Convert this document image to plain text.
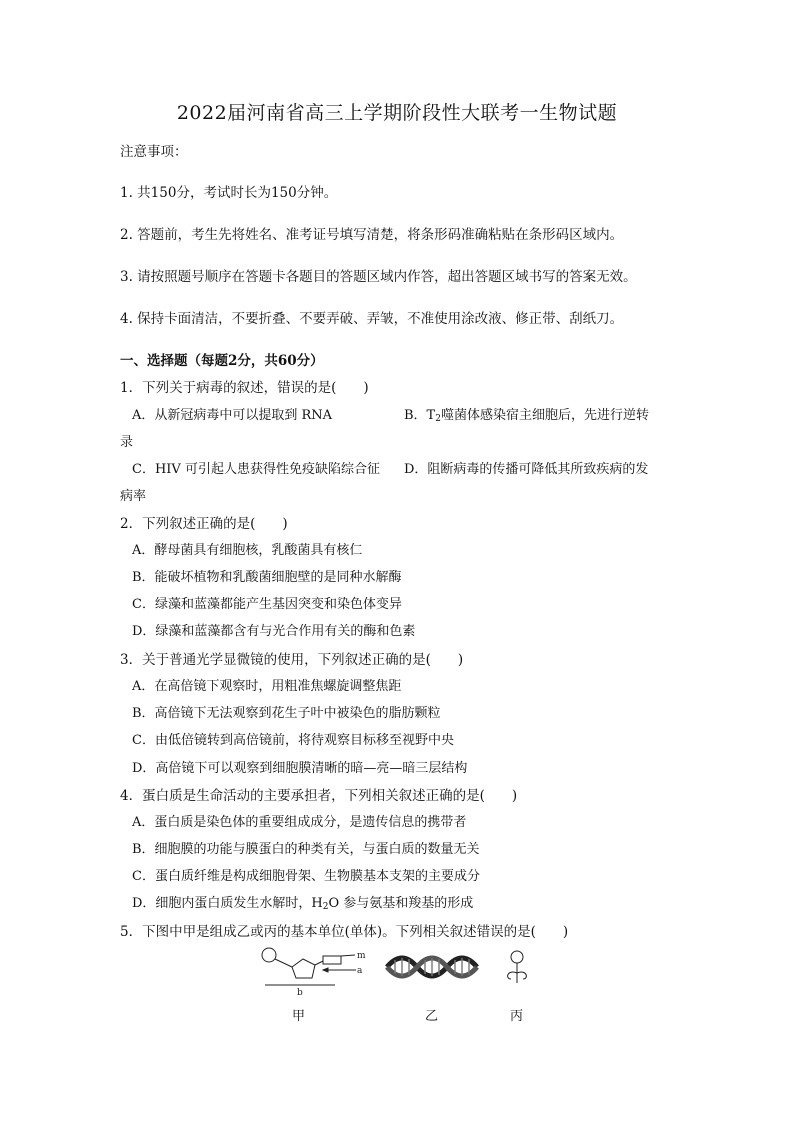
2022届河南省高三上学期阶段性大联考一生物试题
注意事项：
1. 共150分，考试时长为150分钟。
2. 答题前，考生先将姓名、准考证号填写清楚，将条形码准确粘贴在条形码区域内。
3. 请按照题号顺序在答题卡各题目的答题区域内作答，超出答题区域书写的答案无效。
4. 保持卡面清洁，不要折叠、不要弄破、弄皱，不准使用涂改液、修正带、刮纸刀。
一、选择题（每题2分，共60分）
1．下列关于病毒的叙述，错误的是(　　)
A．从新冠病毒中可以提取到 RNA	B．$T_2$噬菌体感染宿主细胞后，先进行逆转
录
C．HIV 可引起人患获得性免疫缺陷综合征 D．阻断病毒的传播可降低其所致疾病的发
病率
2．下列叙述正确的是(　　)
A．酵母菌具有细胞核，乳酸菌具有核仁
B．能破坏植物和乳酸菌细胞壁的是同种水解酶
C．绿藻和蓝藻都能产生基因突变和染色体变异
D．绿藻和蓝藻都含有与光合作用有关的酶和色素
3．关于普通光学显微镜的使用，下列叙述正确的是(　　)
A．在高倍镜下观察时，用粗准焦螺旋调整焦距
B．高倍镜下无法观察到花生子叶中被染色的脂肪颗粒
C．由低倍镜转到高倍镜前，将待观察目标移至视野中央
D．高倍镜下可以观察到细胞膜清晰的暗—亮—暗三层结构
4．蛋白质是生命活动的主要承担者，下列相关叙述正确的是(　　)
A．蛋白质是染色体的重要组成成分，是遗传信息的携带者
B．细胞膜的功能与膜蛋白的种类有关，与蛋白质的数量无关
C．蛋白质纤维是构成细胞骨架、生物膜基本支架的主要成分
D．细胞内蛋白质发生水解时，$H_2O$ 参与氨基和羧基的形成
5．下图中甲是组成乙或丙的基本单位(单体)。下列相关叙述错误的是(　　)
m
a
b
甲	乙	丙
